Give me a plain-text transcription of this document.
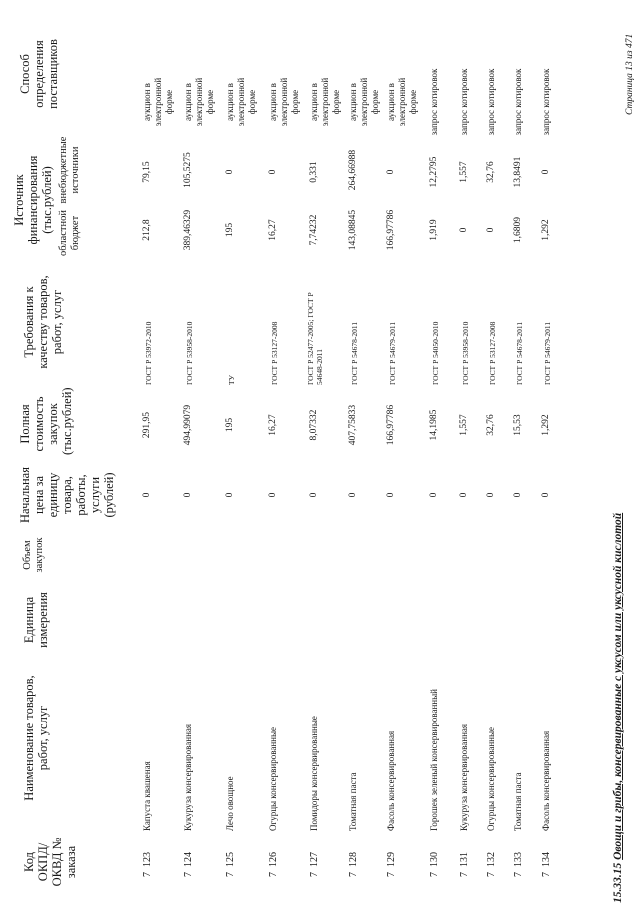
Код ОКПД/ ОКВД № заказа
Наименование товаров, работ, услуг
Единица измерения
Объем закупок
Начальная цена за единицу товара, работы, услуги (рублей)
Полная стоимость закупок (тыс.рублей)
Требования к качеству товаров, работ, услуг
Источник финансирования (тыс.рублей) областной бюджет
внебюджетные источники
Способ определения поставщиков
7  123
Капуста квашеная
0
291,95
ГОСТ Р 53972-2010
212,8
79,15
аукцион в электронной форме
7  124
Кукуруза консервированная
0
494,99079
ГОСТ Р 53958-2010
389,46329
105,5275
аукцион в электронной форме
7  125
Лечо овощное
0
195
ТУ
195
0
аукцион в электронной форме
7  126
Огурцы консервированные
0
16,27
ГОСТ Р 53127-2008
16,27
0
аукцион в электронной форме
7  127
Помидоры консервированные
0
8,07332
ГОСТ Р 52477-2005; ГОСТ Р 54648-2011
7,74232
0,331
аукцион в электронной форме
7  128
Томатная паста
0
407,75833
ГОСТ Р 54678-2011
143,08845
264,66988
аукцион в электронной форме
7  129
Фасоль консервированная
0
166,97786
ГОСТ Р 54679-2011
166,97786
0
аукцион в электронной форме
7  130
Горошек зеленый консервированный
0
14,1985
ГОСТ Р 54050-2010
1,919
12,2795
запрос котировок
7  131
Кукуруза консервированная
0
1,557
ГОСТ Р 53958-2010
0
1,557
запрос котировок
7  132
Огурцы консервированные
0
32,76
ГОСТ Р 53127-2008
0
32,76
запрос котировок
7  133
Томатная паста
0
15,53
ГОСТ Р 54678-2011
1,6809
13,8491
запрос котировок
7  134
Фасоль консервированная
0
1,292
ГОСТ Р 54679-2011
1,292
0
запрос котировок
15.33.15 Овощи и грибы, консервированные с уксусом или уксусной кислотой
Страница 13 из 471
